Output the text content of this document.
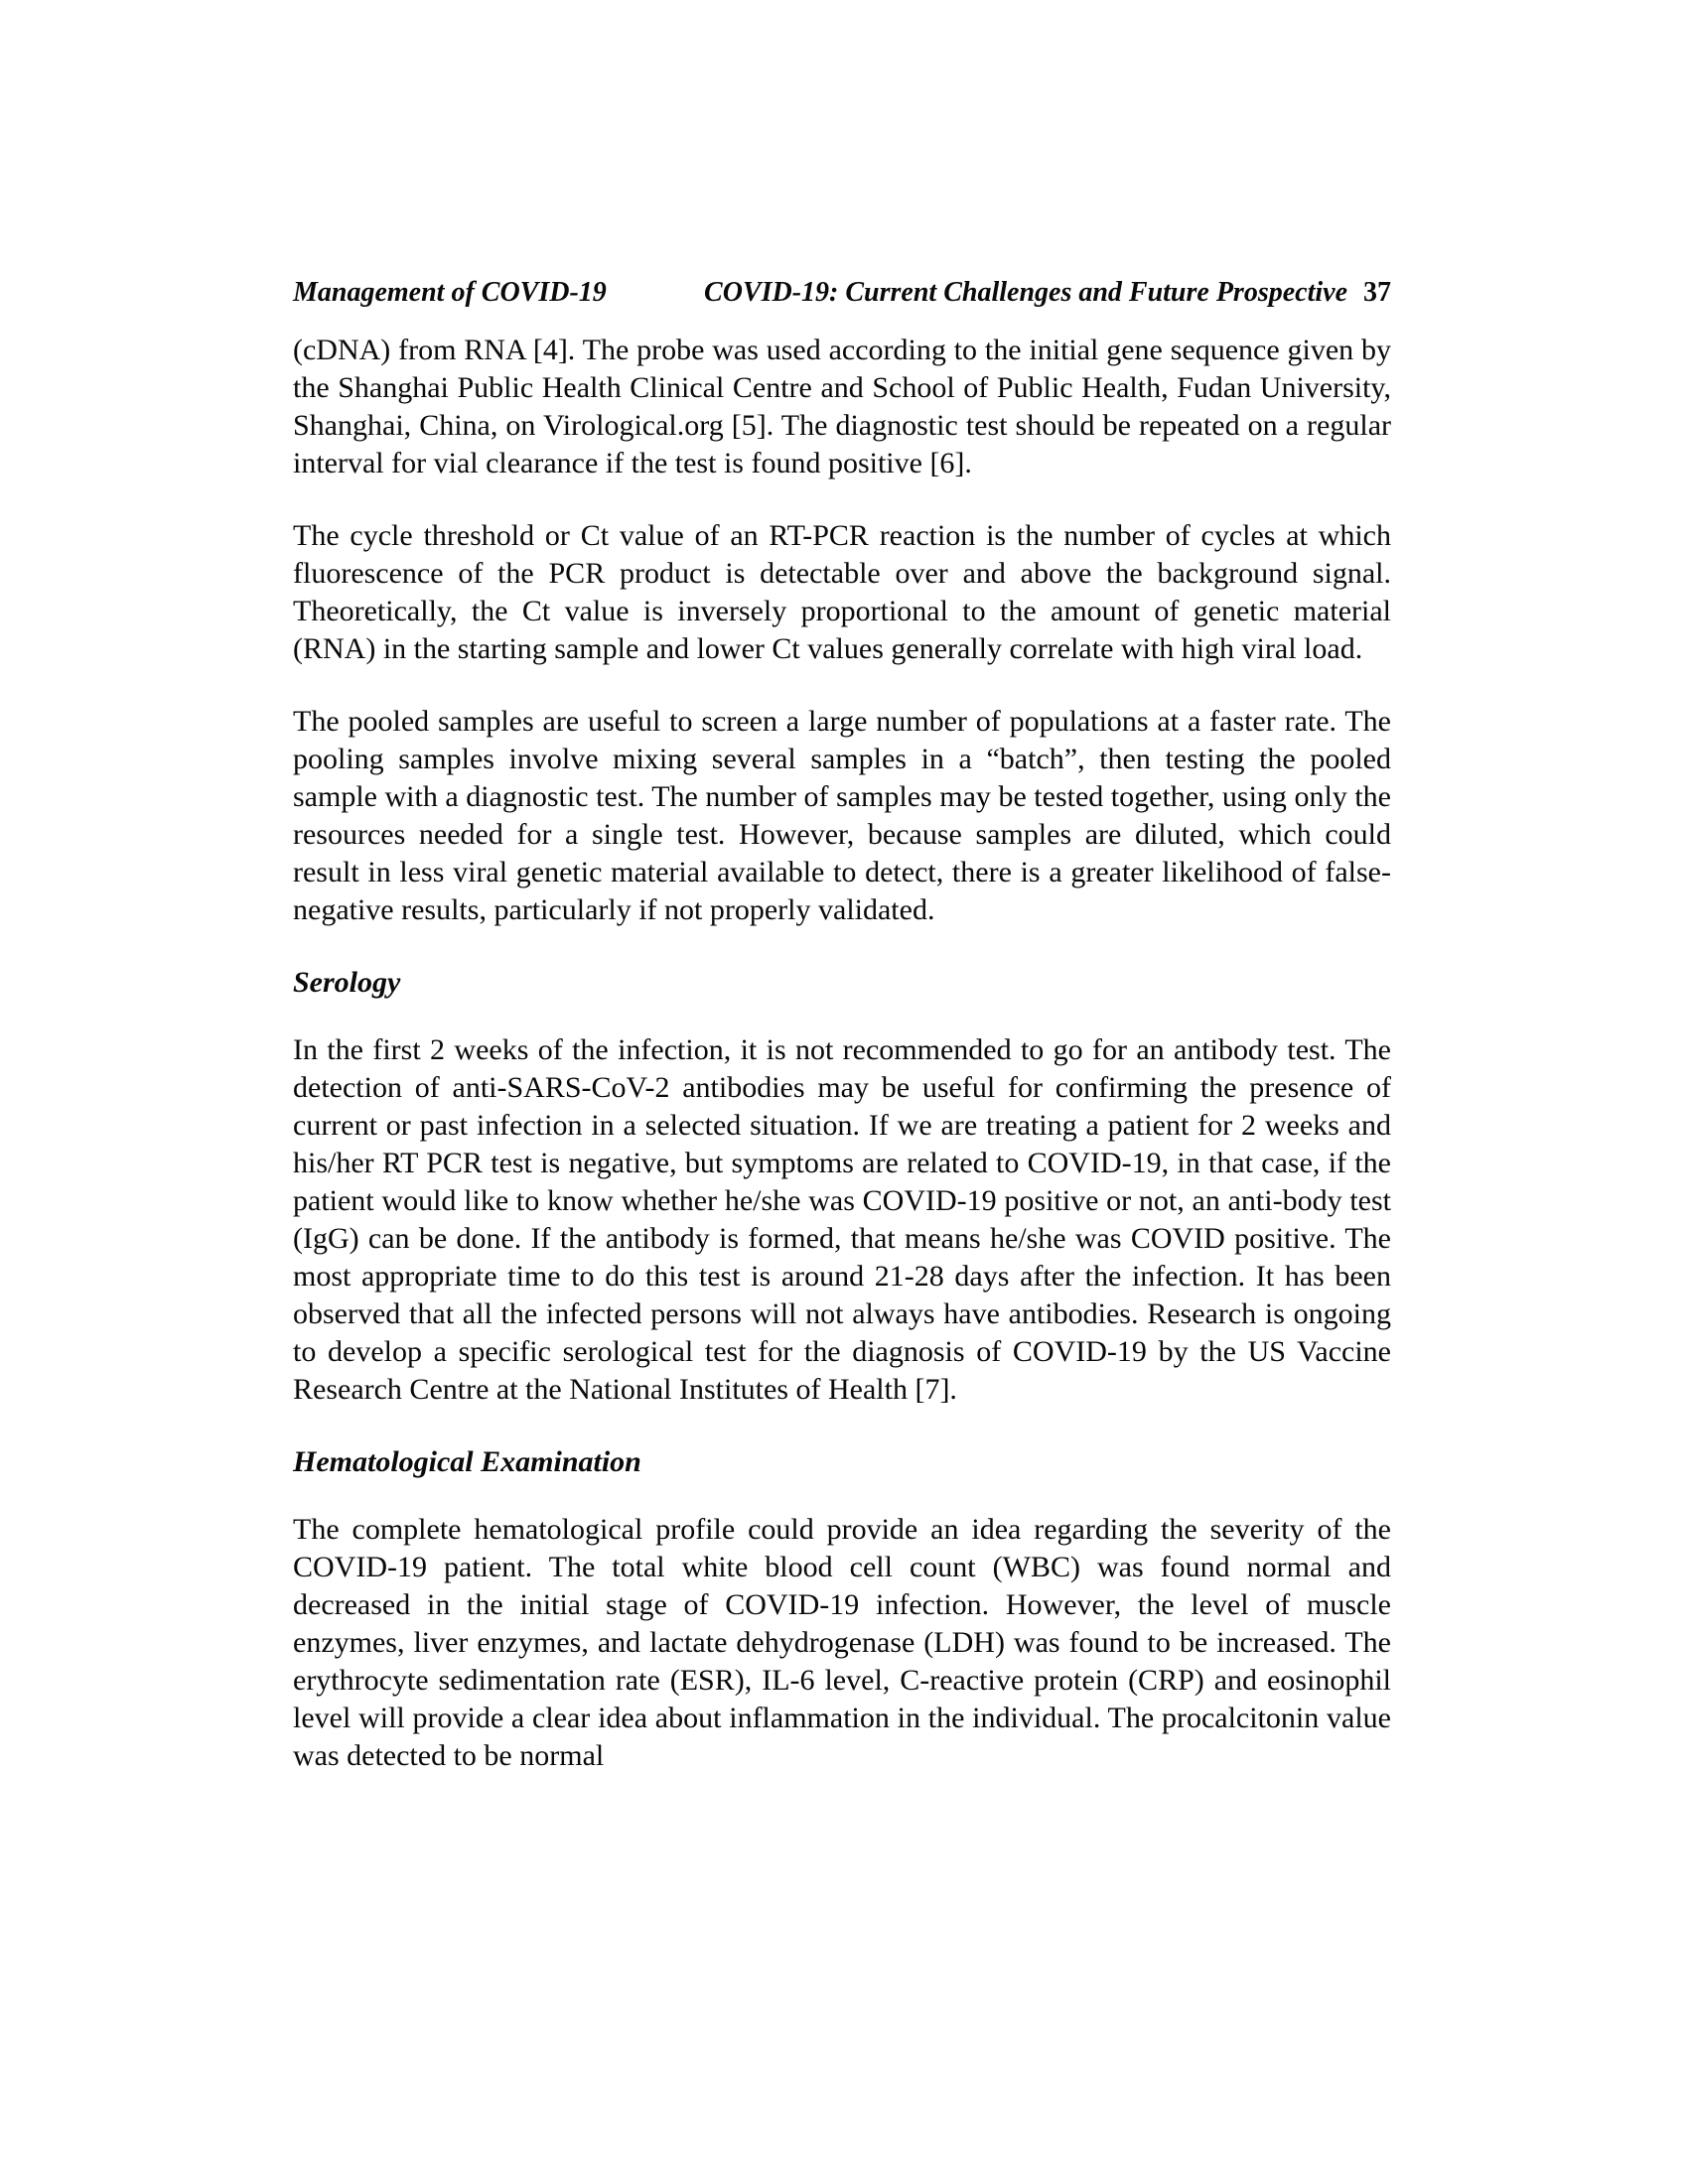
Management of COVID-19	COVID-19: Current Challenges and Future Prospective 37

(cDNA) from RNA [4]. The probe was used according to the initial gene sequence given by the Shanghai Public Health Clinical Centre and School of Public Health, Fudan University, Shanghai, China, on Virological.org [5]. The diagnostic test should be repeated on a regular interval for vial clearance if the test is found positive [6].

The cycle threshold or Ct value of an RT-PCR reaction is the number of cycles at which fluorescence of the PCR product is detectable over and above the background signal. Theoretically, the Ct value is inversely proportional to the amount of genetic material (RNA) in the starting sample and lower Ct values generally correlate with high viral load.

The pooled samples are useful to screen a large number of populations at a faster rate. The pooling samples involve mixing several samples in a “batch”, then testing the pooled sample with a diagnostic test. The number of samples may be tested together, using only the resources needed for a single test. However, because samples are diluted, which could result in less viral genetic material available to detect, there is a greater likelihood of false-negative results, particularly if not properly validated.

Serology

In the first 2 weeks of the infection, it is not recommended to go for an antibody test. The detection of anti-SARS-CoV-2 antibodies may be useful for confirming the presence of current or past infection in a selected situation. If we are treating a patient for 2 weeks and his/her RT PCR test is negative, but symptoms are related to COVID-19, in that case, if the patient would like to know whether he/she was COVID-19 positive or not, an anti-body test (IgG) can be done. If the antibody is formed, that means he/she was COVID positive. The most appropriate time to do this test is around 21-28 days after the infection. It has been observed that all the infected persons will not always have antibodies. Research is ongoing to develop a specific serological test for the diagnosis of COVID-19 by the US Vaccine Research Centre at the National Institutes of Health [7].

Hematological Examination

The complete hematological profile could provide an idea regarding the severity of the COVID-19 patient. The total white blood cell count (WBC) was found normal and decreased in the initial stage of COVID-19 infection. However, the level of muscle enzymes, liver enzymes, and lactate dehydrogenase (LDH) was found to be increased. The erythrocyte sedimentation rate (ESR), IL-6 level, C-reactive protein (CRP) and eosinophil level will provide a clear idea about inflammation in the individual. The procalcitonin value was detected to be normal
